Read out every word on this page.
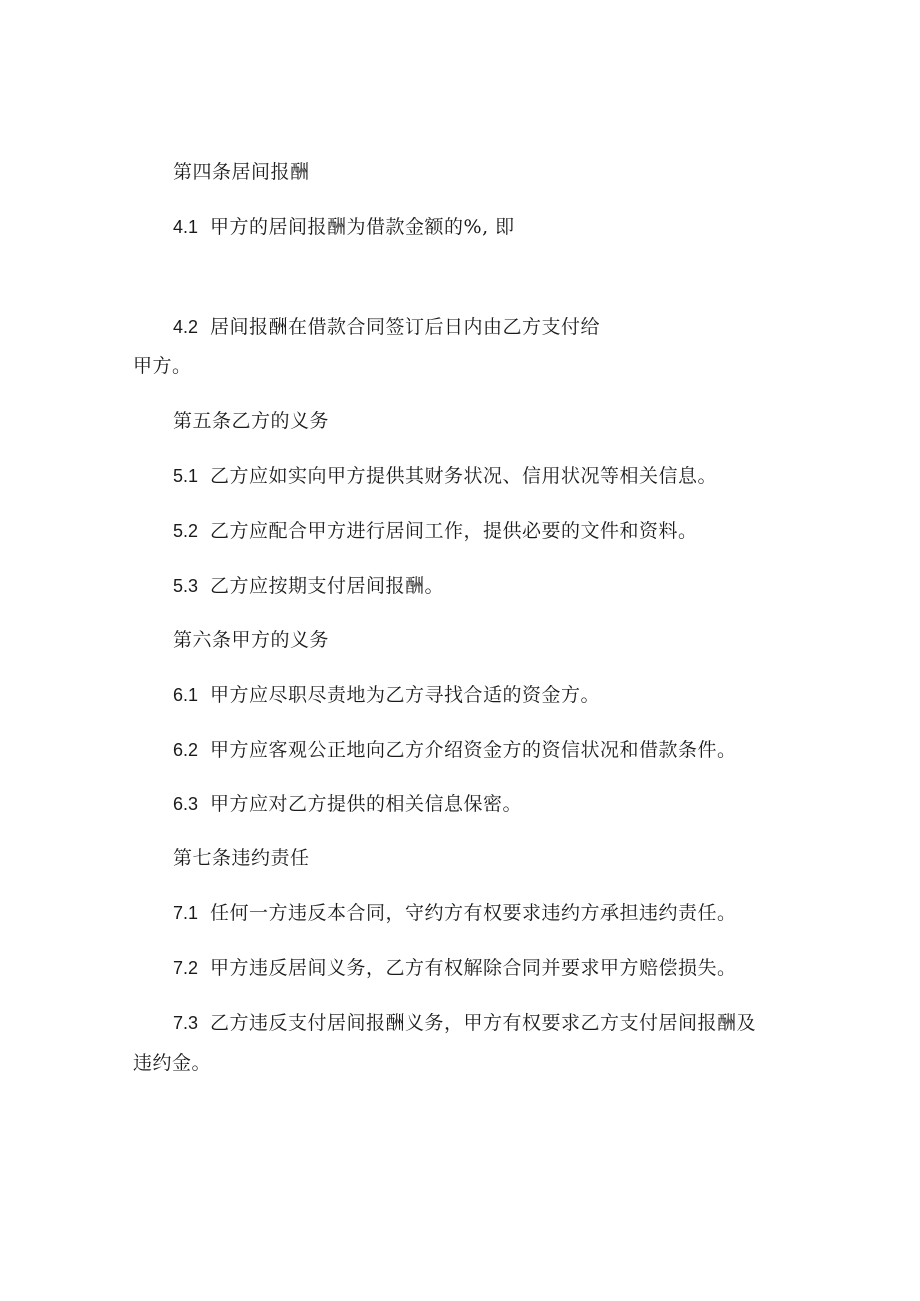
第四条居间报酬
4.1 甲方的居间报酬为借款金额的%, 即
4.2 居间报酬在借款合同签订后日内由乙方支付给
甲方。
第五条乙方的义务
5.1 乙方应如实向甲方提供其财务状况、信用状况等相关信息。
5.2 乙方应配合甲方进行居间工作，提供必要的文件和资料。
5.3 乙方应按期支付居间报酬。
第六条甲方的义务
6.1 甲方应尽职尽责地为乙方寻找合适的资金方。
6.2 甲方应客观公正地向乙方介绍资金方的资信状况和借款条件。
6.3 甲方应对乙方提供的相关信息保密。
第七条违约责任
7.1 任何一方违反本合同，守约方有权要求违约方承担违约责任。
7.2 甲方违反居间义务，乙方有权解除合同并要求甲方赔偿损失。
7.3 乙方违反支付居间报酬义务，甲方有权要求乙方支付居间报酬及
违约金。
